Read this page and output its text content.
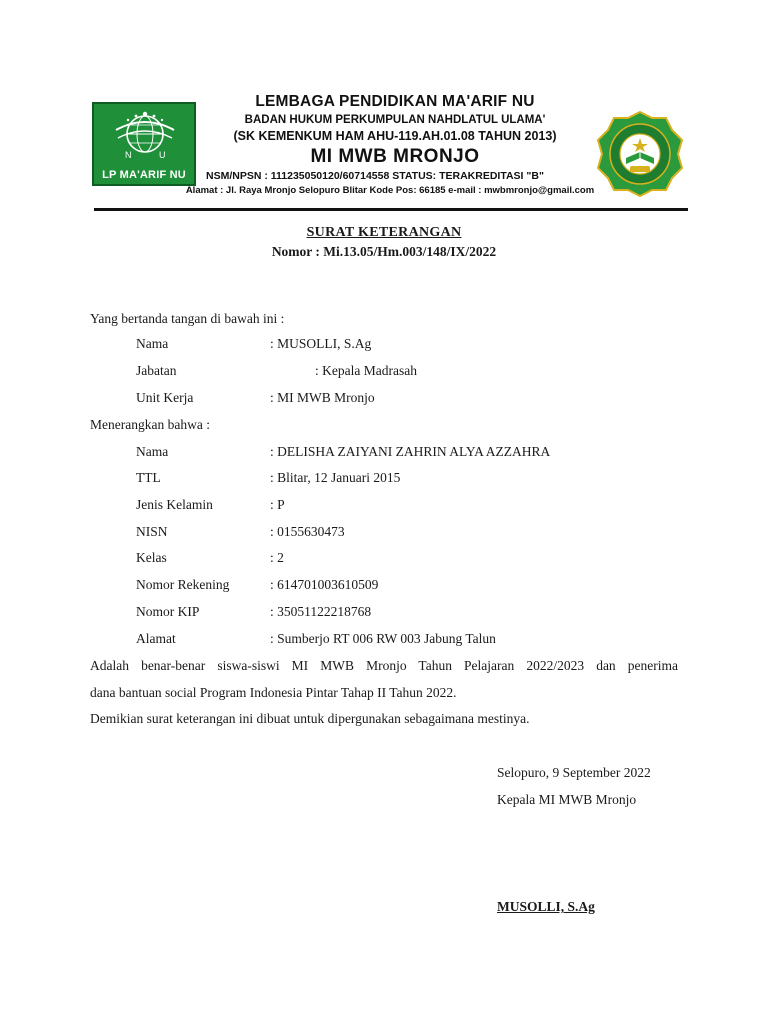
N	U
LP MA'ARIF NU
LEMBAGA PENDIDIKAN MA'ARIF NU
BADAN HUKUM PERKUMPULAN NAHDLATUL ULAMA'
(SK KEMENKUM HAM AHU-119.AH.01.08 TAHUN 2013)
MI MWB MRONJO
NSM/NPSN : 111235050120/60714558 STATUS: TERAKREDITASI "B"
Alamat : Jl. Raya Mronjo Selopuro Blitar Kode Pos: 66185 e-mail : mwbmronjo@gmail.com
SURAT KETERANGAN
Nomor : Mi.13.05/Hm.003/148/IX/2022
Yang bertanda tangan di bawah ini :
Nama	: MUSOLLI, S.Ag
Jabatan	: Kepala Madrasah
Unit Kerja	: MI MWB Mronjo
Menerangkan bahwa :
Nama	: DELISHA ZAIYANI ZAHRIN ALYA AZZAHRA
TTL	: Blitar, 12 Januari 2015
Jenis Kelamin	: P
NISN	: 0155630473
Kelas	: 2
Nomor Rekening	: 614701003610509
Nomor KIP	: 35051122218768
Alamat	: Sumberjo RT 006 RW 003 Jabung Talun
Adalah benar-benar siswa-siswi MI MWB Mronjo Tahun Pelajaran 2022/2023 dan penerima
dana bantuan social Program Indonesia Pintar Tahap II Tahun 2022.
Demikian surat keterangan ini dibuat untuk dipergunakan sebagaimana mestinya.
Selopuro, 9 September 2022
Kepala MI MWB Mronjo
MUSOLLI, S.Ag
